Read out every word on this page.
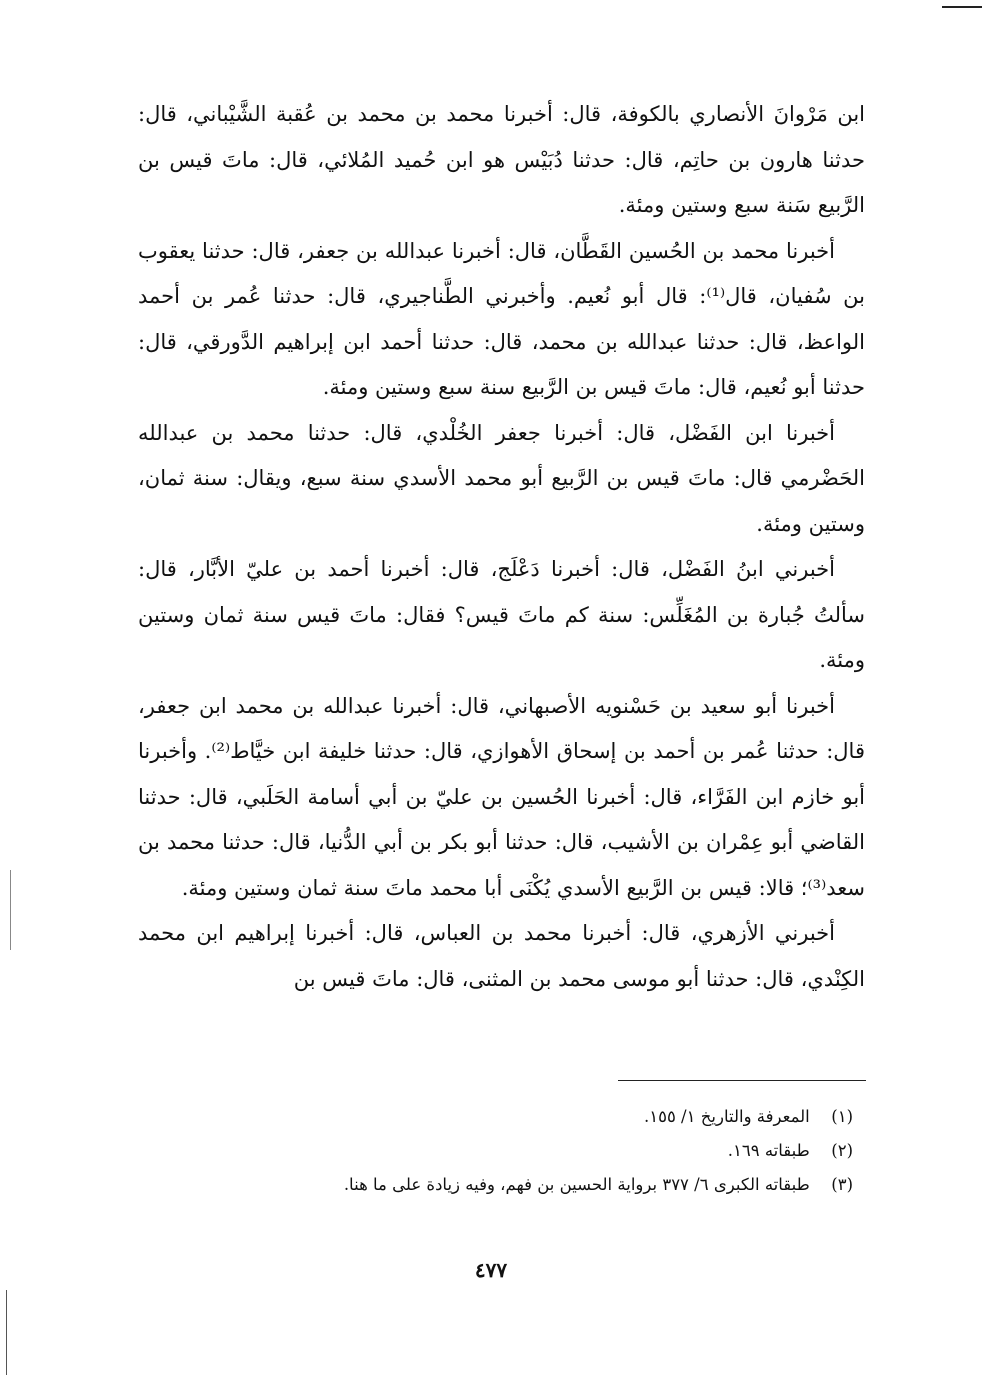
ابن مَرْوانَ الأنصاري بالكوفة، قال: أخبرنا محمد بن محمد بن عُقبة الشَّيْباني، قال: حدثنا هارون بن حاتِم، قال: حدثنا دُبَيْس هو ابن حُميد المُلائي، قال: ماتَ قيس بن الرَّبيع سَنة سبع وستين ومئة.

أخبرنا محمد بن الحُسين القَطَّان، قال: أخبرنا عبدالله بن جعفر، قال: حدثنا يعقوب بن سُفيان، قال⁽¹⁾: قال أبو نُعيم. وأخبرني الطَّناجيري، قال: حدثنا عُمر بن أحمد الواعظ، قال: حدثنا عبدالله بن محمد، قال: حدثنا أحمد ابن إبراهيم الدَّورقي، قال: حدثنا أبو نُعيم، قال: ماتَ قيس بن الرَّبيع سنة سبع وستين ومئة.

أخبرنا ابن الفَضْل، قال: أخبرنا جعفر الخُلْدي، قال: حدثنا محمد بن عبدالله الحَضْرمي قال: ماتَ قيس بن الرَّبيع أبو محمد الأسدي سنة سبع، ويقال: سنة ثمان، وستين ومئة.

أخبرني ابنُ الفَضْل، قال: أخبرنا دَعْلَج، قال: أخبرنا أحمد بن عليّ الأبَّار، قال: سألتُ جُبارة بن المُغَلِّس: سنة كم ماتَ قيس؟ فقال: ماتَ قيس سنة ثمان وستين ومئة.

أخبرنا أبو سعيد بن حَسْنويه الأصبهاني، قال: أخبرنا عبدالله بن محمد ابن جعفر، قال: حدثنا عُمر بن أحمد بن إسحاق الأهوازي، قال: حدثنا خليفة ابن خيَّاط⁽²⁾. وأخبرنا أبو خازم ابن الفَرَّاء، قال: أخبرنا الحُسين بن عليّ بن أبي أسامة الحَلَبي، قال: حدثنا القاضي أبو عِمْران بن الأشيب، قال: حدثنا أبو بكر بن أبي الدُّنيا، قال: حدثنا محمد بن سعد⁽³⁾؛ قالا: قيس بن الرَّبيع الأسدي يُكْنَى أبا محمد ماتَ سنة ثمان وستين ومئة.

أخبرني الأزهري، قال: أخبرنا محمد بن العباس، قال: أخبرنا إبراهيم ابن محمد الكِنْدي، قال: حدثنا أبو موسى محمد بن المثنى، قال: ماتَ قيس بن

(١) المعرفة والتاريخ ١/ ١٥٥.

(٢) طبقاته ١٦٩.

(٣) طبقاته الكبرى ٦/ ٣٧٧ برواية الحسين بن فهم، وفيه زيادة على ما هنا.

٤٧٧
